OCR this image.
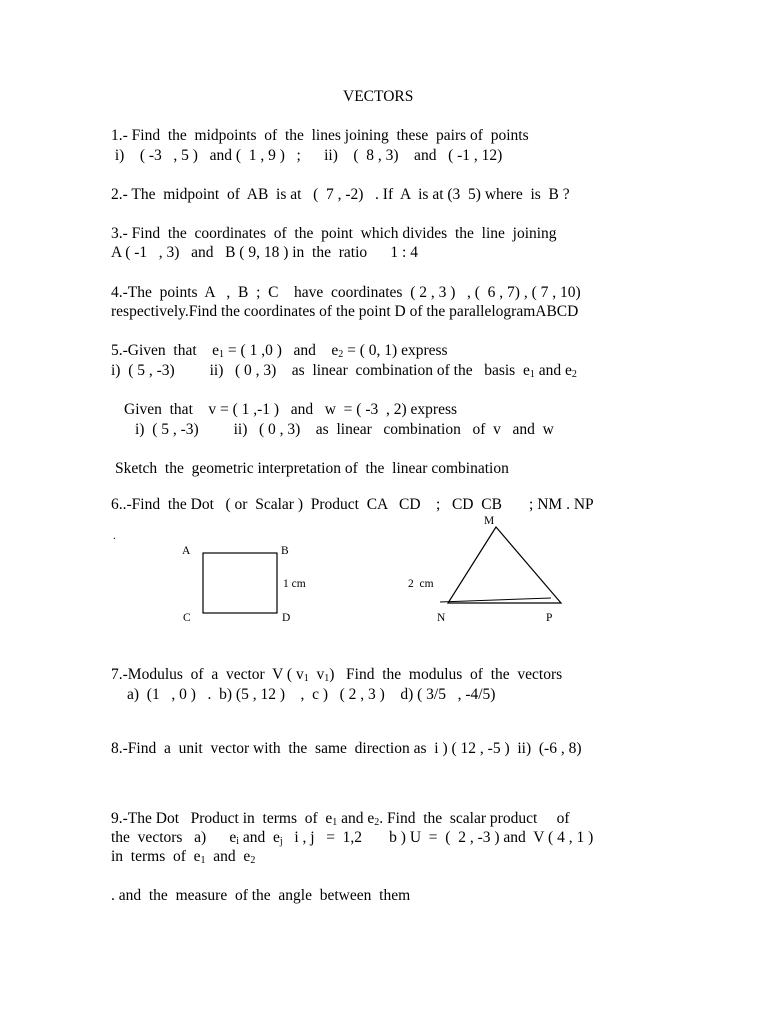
VECTORS
1.- Find  the  midpoints  of  the  lines joining  these  pairs of  points
i)    ( -3   , 5 )   and (  1 , 9 )   ;      ii)    (  8 , 3)    and   ( -1 , 12)
2.- The  midpoint  of  AB  is at   (  7 , -2)   . If  A  is at (3  5) where  is  B ?
3.- Find  the  coordinates  of  the  point  which divides  the  line  joining
A ( -1   , 3)   and   B ( 9, 18 ) in  the  ratio      1 : 4
4.-The  points  A   ,  B  ;  C    have  coordinates  ( 2 , 3 )   , (  6 , 7) , ( 7 , 10)
respectively.Find the coordinates of the point D of the parallelogramABCD
5.-Given  that    $e_1$ = ( 1 ,0 )   and    $e_2$ = ( 0, 1) express
i)  ( 5 , -3)         ii)   ( 0 , 3)    as  linear  combination of the   basis  $e_1$ and $e_2$
Given  that    v = ( 1 ,-1 )   and   w  = ( -3  , 2) express
i)  ( 5 , -3)         ii)   ( 0 , 3)    as  linear   combination   of  v   and  w
Sketch  the  geometric interpretation of  the  linear combination
6..-Find  the Dot   ( or  Scalar )  Product  CA   CD    ;   CD  CB       ; NM . NP
.
A	B
1 cm
C	D
M
2  cm
N	P
7.-Modulus  of  a  vector  V ( $v_1$  $v_1$)   Find  the  modulus  of  the  vectors
a)  (1   , 0 )   .  b) (5 , 12 )    ,  c )   ( 2 , 3 )    d) ( 3/5   , -4/5)
8.-Find  a  unit  vector with  the  same  direction as  i ) ( 12 , -5 )  ii)  (-6 , 8)
9.-The Dot   Product in  terms  of  $e_1$ and $e_2$. Find  the  scalar product     of
the  vectors   a)      $e_i$ and  $e_j$   i , j   =  1,2       b ) U  =  (  2 , -3 ) and  V ( 4 , 1 )
in  terms  of  $e_1$  and  $e_2$
. and  the  measure  of the  angle  between  them
